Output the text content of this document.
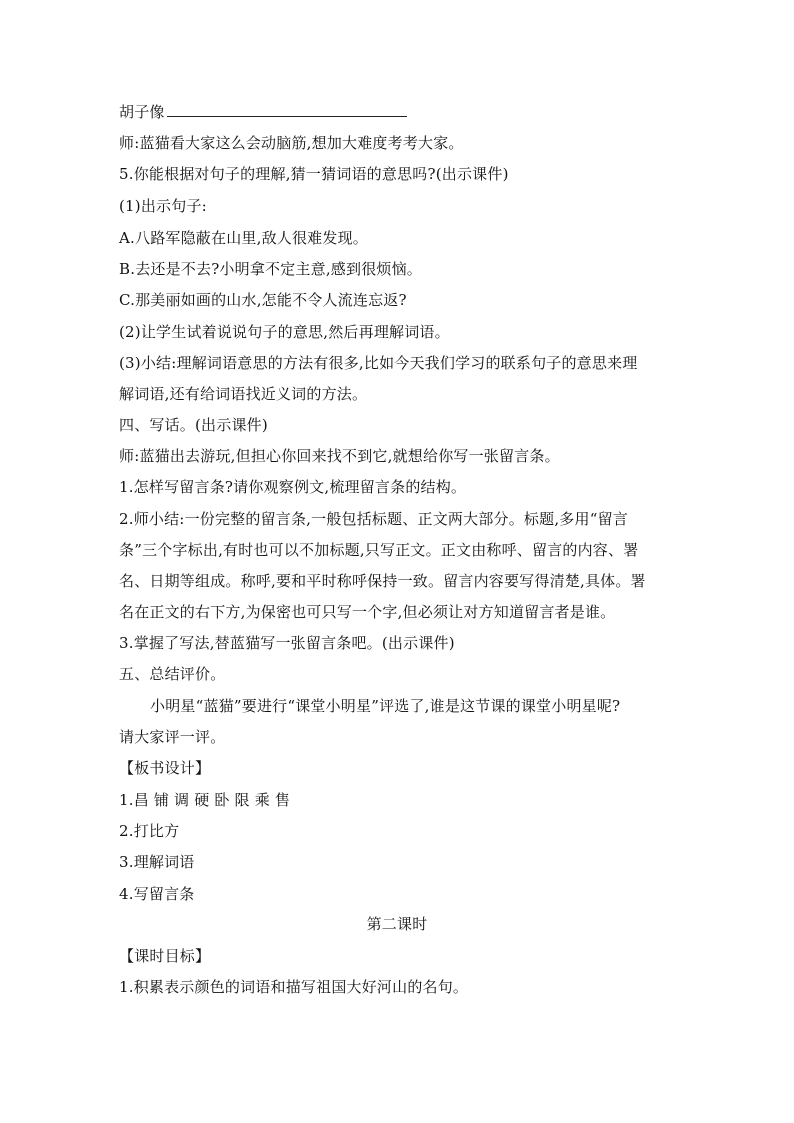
胡子像
师:蓝猫看大家这么会动脑筋,想加大难度考考大家。
5.你能根据对句子的理解,猜一猜词语的意思吗?(出示课件)
(1)出示句子:
A.八路军隐蔽在山里,敌人很难发现。
B.去还是不去?小明拿不定主意,感到很烦恼。
C.那美丽如画的山水,怎能不令人流连忘返?
(2)让学生试着说说句子的意思,然后再理解词语。
(3)小结:理解词语意思的方法有很多,比如今天我们学习的联系句子的意思来理
解词语,还有给词语找近义词的方法。
四、写话。(出示课件)
师:蓝猫出去游玩,但担心你回来找不到它,就想给你写一张留言条。
1.怎样写留言条?请你观察例文,梳理留言条的结构。
2.师小结:一份完整的留言条,一般包括标题、正文两大部分。标题,多用“留言
条”三个字标出,有时也可以不加标题,只写正文。正文由称呼、留言的内容、署
名、日期等组成。称呼,要和平时称呼保持一致。留言内容要写得清楚,具体。署
名在正文的右下方,为保密也可只写一个字,但必须让对方知道留言者是谁。
3.掌握了写法,替蓝猫写一张留言条吧。(出示课件)
五、总结评价。
小明星“蓝猫”要进行“课堂小明星”评选了,谁是这节课的课堂小明星呢?
请大家评一评。
【板书设计】
1.昌 铺 调 硬 卧 限 乘 售
2.打比方
3.理解词语
4.写留言条
第二课时
【课时目标】
1.积累表示颜色的词语和描写祖国大好河山的名句。
